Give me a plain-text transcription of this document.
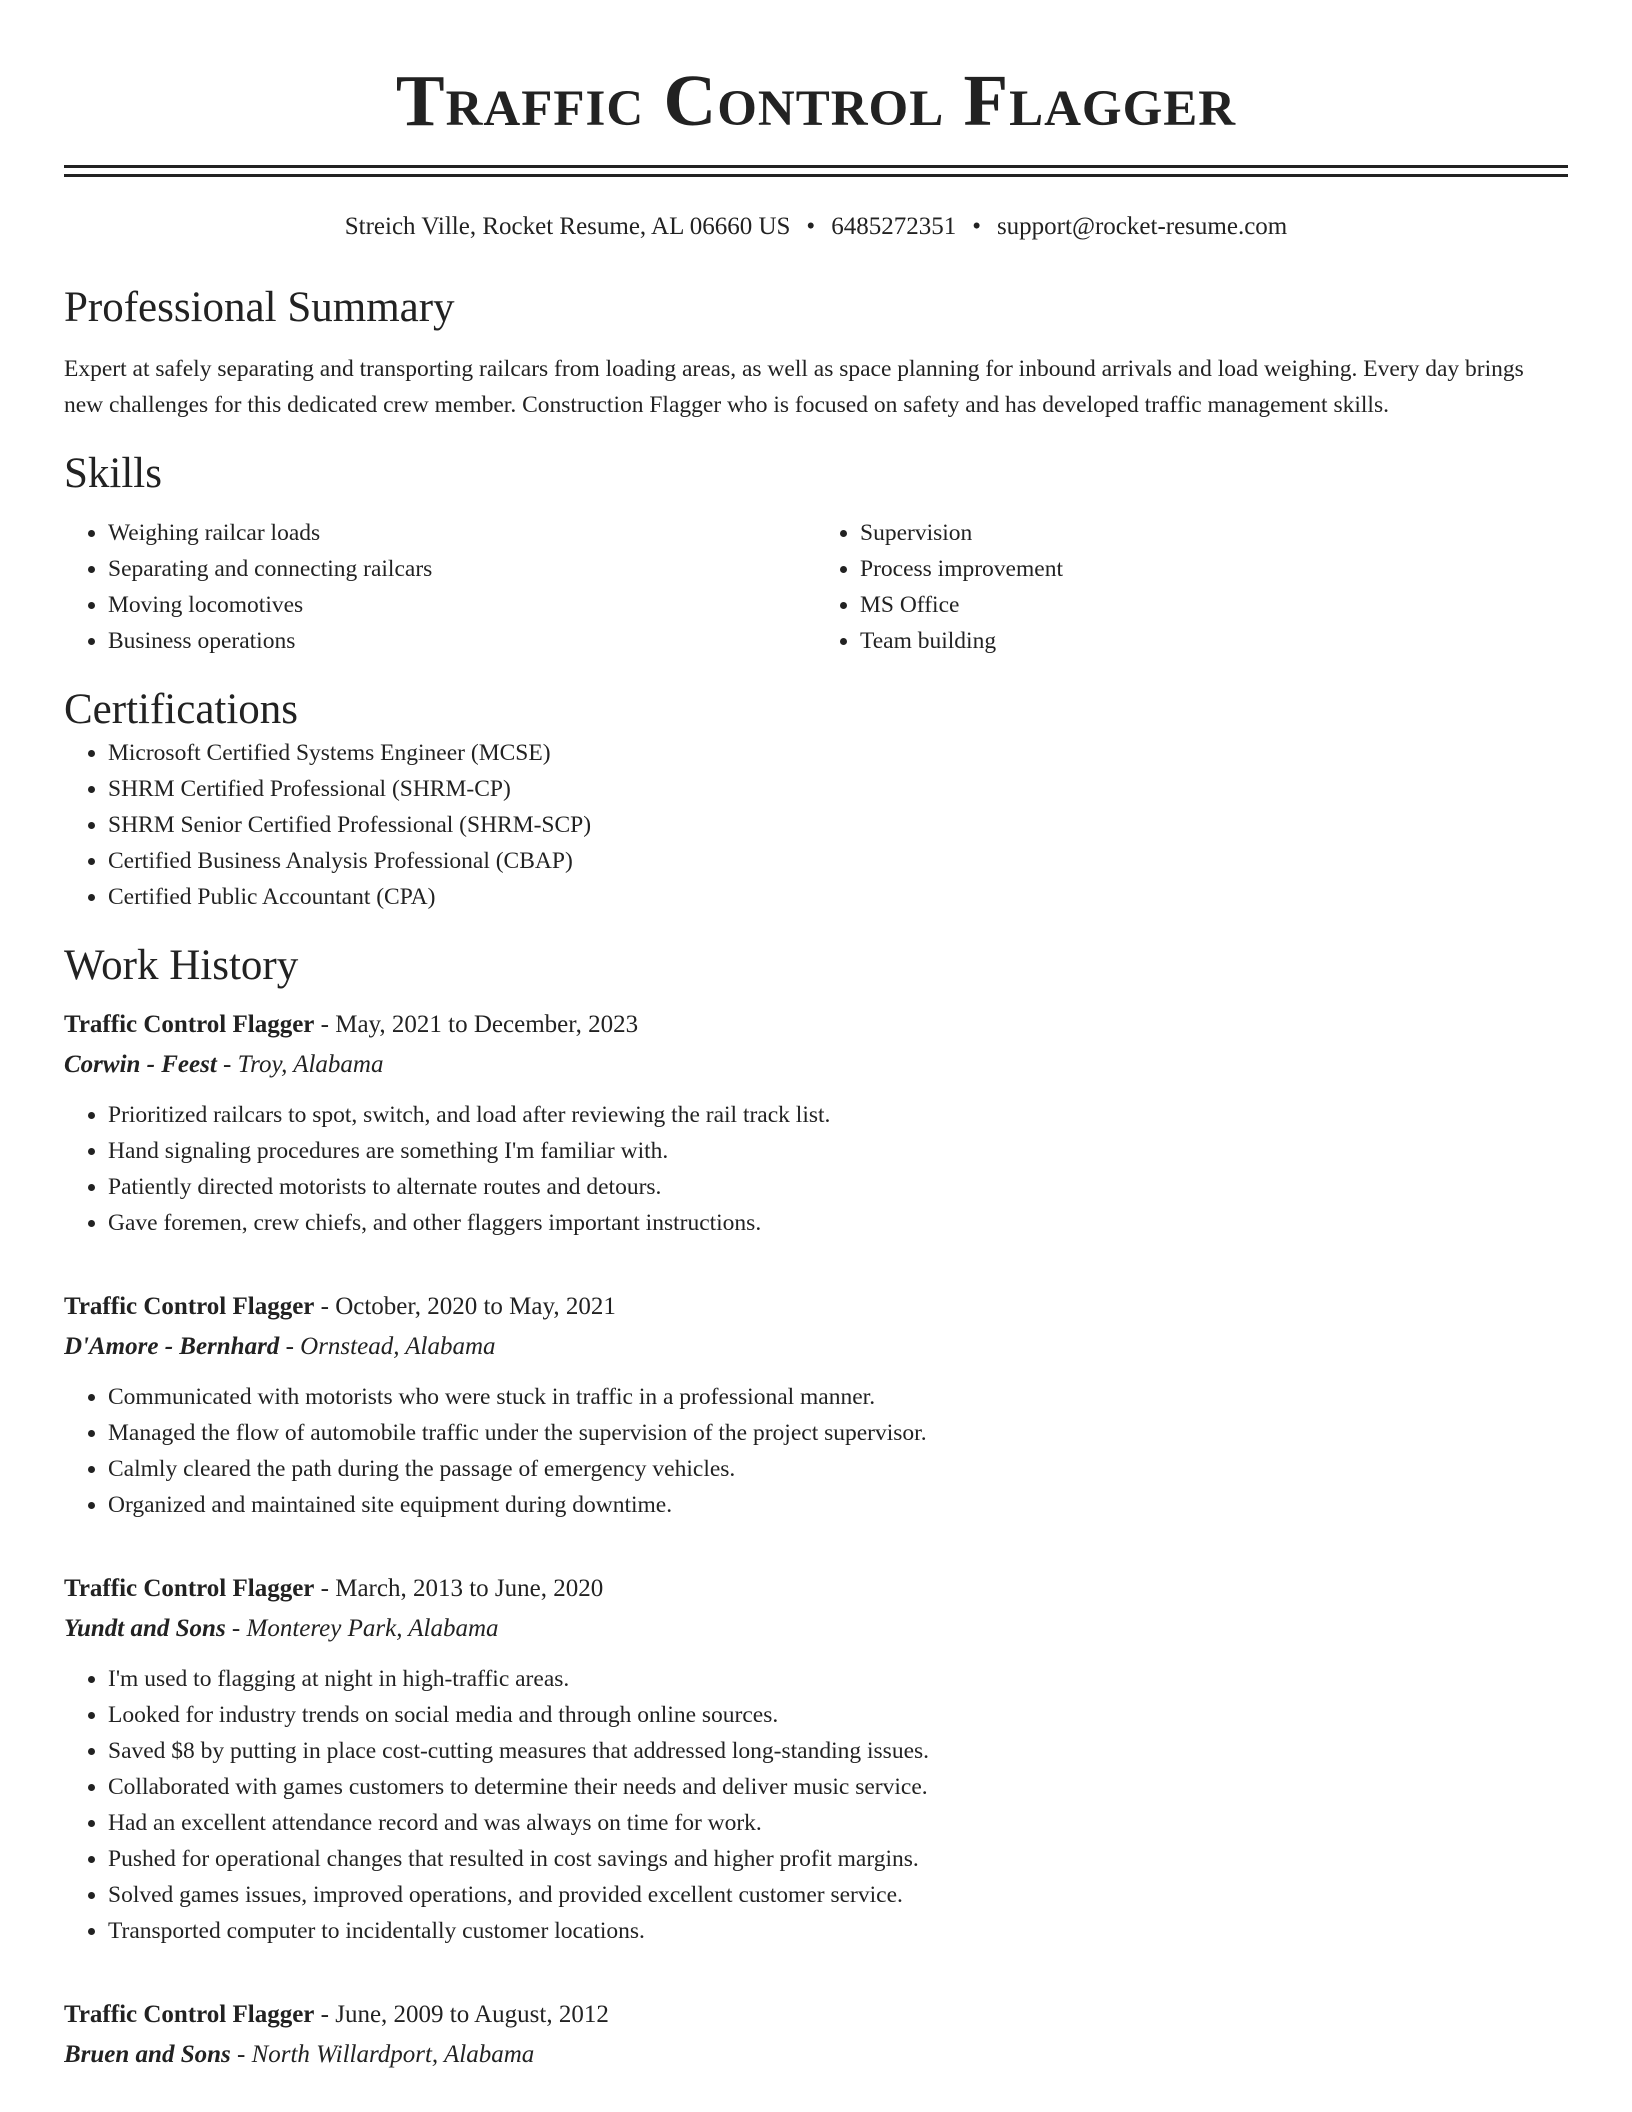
Traffic Control Flagger
Streich Ville, Rocket Resume, AL 06660 US • 6485272351 • support@rocket-resume.com
Professional Summary

Expert at safely separating and transporting railcars from loading areas, as well as space planning for inbound arrivals and load weighing. Every day brings new challenges for this dedicated crew member. Construction Flagger who is focused on safety and has developed traffic management skills.

Skills
• Weighing railcar loads
• Separating and connecting railcars
• Moving locomotives
• Business operations
• Supervision
• Process improvement
• MS Office
• Team building
Certifications
• Microsoft Certified Systems Engineer (MCSE)
• SHRM Certified Professional (SHRM-CP)
• SHRM Senior Certified Professional (SHRM-SCP)
• Certified Business Analysis Professional (CBAP)
• Certified Public Accountant (CPA)
Work History
Traffic Control Flagger - May, 2021 to December, 2023
Corwin - Feest - Troy, Alabama
• Prioritized railcars to spot, switch, and load after reviewing the rail track list.
• Hand signaling procedures are something I'm familiar with.
• Patiently directed motorists to alternate routes and detours.
• Gave foremen, crew chiefs, and other flaggers important instructions.
Traffic Control Flagger - October, 2020 to May, 2021
D'Amore - Bernhard - Ornstead, Alabama
• Communicated with motorists who were stuck in traffic in a professional manner.
• Managed the flow of automobile traffic under the supervision of the project supervisor.
• Calmly cleared the path during the passage of emergency vehicles.
• Organized and maintained site equipment during downtime.
Traffic Control Flagger - March, 2013 to June, 2020
Yundt and Sons - Monterey Park, Alabama
• I'm used to flagging at night in high-traffic areas.
• Looked for industry trends on social media and through online sources.
• Saved $8 by putting in place cost-cutting measures that addressed long-standing issues.
• Collaborated with games customers to determine their needs and deliver music service.
• Had an excellent attendance record and was always on time for work.
• Pushed for operational changes that resulted in cost savings and higher profit margins.
• Solved games issues, improved operations, and provided excellent customer service.
• Transported computer to incidentally customer locations.
Traffic Control Flagger - June, 2009 to August, 2012
Bruen and Sons - North Willardport, Alabama
